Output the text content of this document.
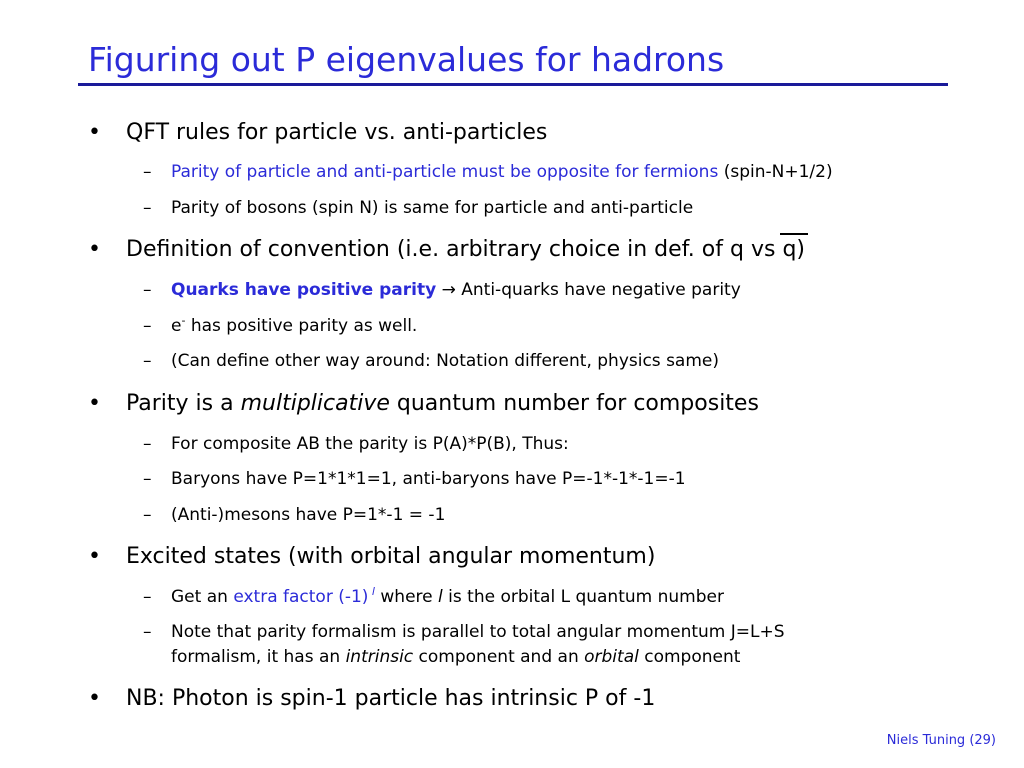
Figuring out P eigenvalues for hadrons
• QFT rules for particle vs. anti-particles
– Parity of particle and anti-particle must be opposite for fermions (spin-N+1/2)
– Parity of bosons (spin N) is same for particle and anti-particle
• Definition of convention (i.e. arbitrary choice in def. of q vs q)
– Quarks have positive parity → Anti-quarks have negative parity
– e- has positive parity as well.
– (Can define other way around: Notation different, physics same)
• Parity is a multiplicative quantum number for composites
– For composite AB the parity is P(A)*P(B), Thus:
– Baryons have P=1*1*1=1, anti-baryons have P=-1*-1*-1=-1
– (Anti-)mesons have P=1*-1 = -1
• Excited states (with orbital angular momentum)
– Get an extra factor (-1) $^l$ where l is the orbital L quantum number
– Note that parity formalism is parallel to total angular momentum J=L+S
formalism, it has an intrinsic component and an orbital component
• NB: Photon is spin-1 particle has intrinsic P of -1
Niels Tuning (29)
